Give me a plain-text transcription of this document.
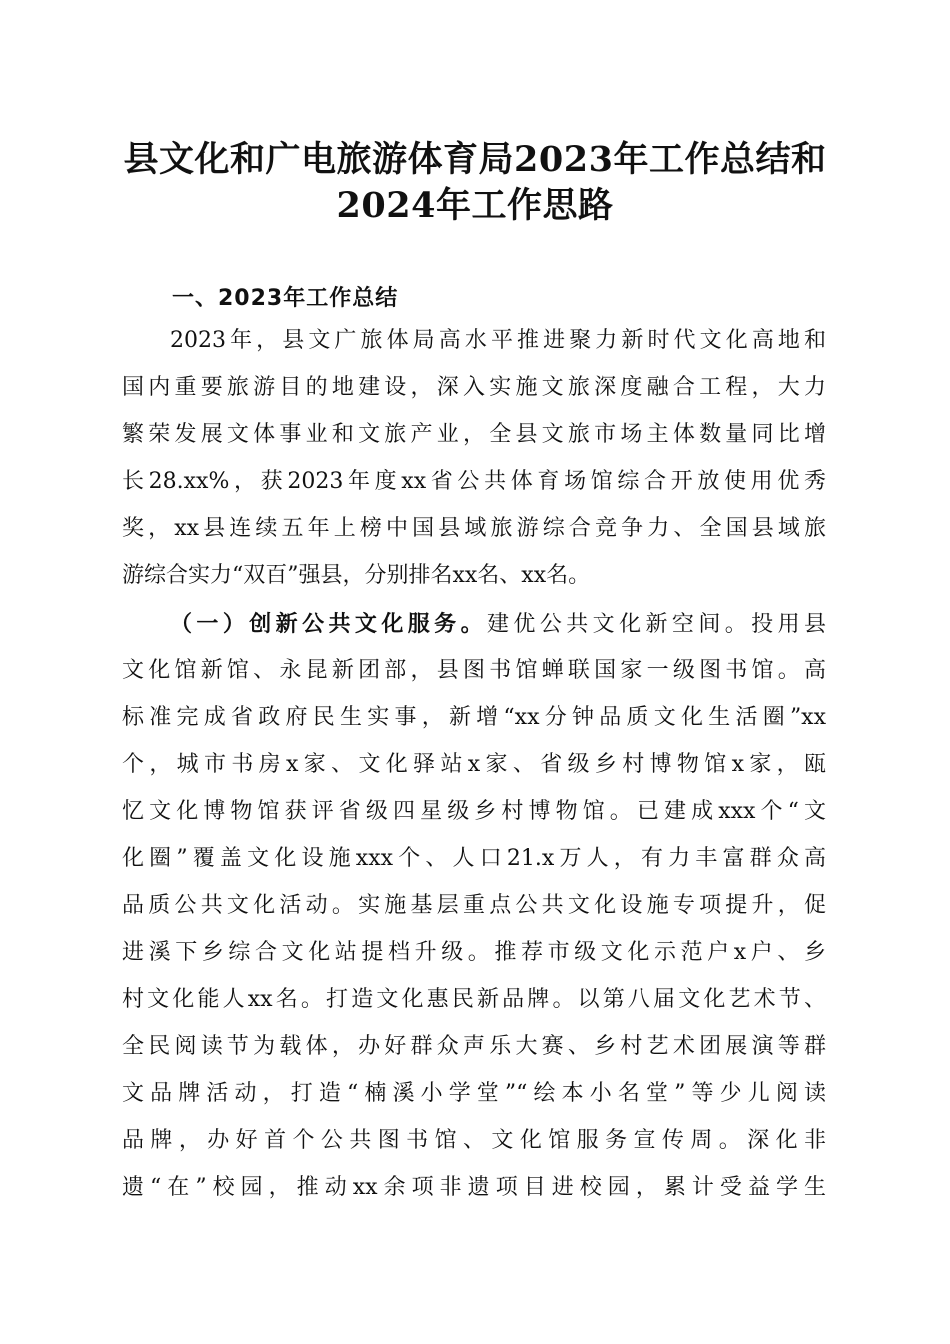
县文化和广电旅游体育局2023年工作总结和
2024年工作思路
一、2023年工作总结

2023年，县文广旅体局高水平推进聚力新时代文化高地和

国内重要旅游目的地建设，深入实施文旅深度融合工程，大力

繁荣发展文体事业和文旅产业，全县文旅市场主体数量同比增

长28.xx%，获2023年度xx省公共体育场馆综合开放使用优秀

奖，xx县连续五年上榜中国县域旅游综合竞争力、全国县域旅

游综合实力“双百”强县，分别排名xx名、xx名。

（一）创新公共文化服务。建优公共文化新空间。投用县

文化馆新馆、永昆新团部，县图书馆蝉联国家一级图书馆。高

标准完成省政府民生实事，新增“xx分钟品质文化生活圈”xx

个，城市书房x家、文化驿站x家、省级乡村博物馆x家，瓯

忆文化博物馆获评省级四星级乡村博物馆。已建成xxx个“文

化圈”覆盖文化设施xxx个、人口21.x万人，有力丰富群众高

品质公共文化活动。实施基层重点公共文化设施专项提升，促

进溪下乡综合文化站提档升级。推荐市级文化示范户x户、乡

村文化能人xx名。打造文化惠民新品牌。以第八届文化艺术节、

全民阅读节为载体，办好群众声乐大赛、乡村艺术团展演等群

文品牌活动，打造“楠溪小学堂”“绘本小名堂”等少儿阅读

品牌，办好首个公共图书馆、文化馆服务宣传周。深化非

遗“在”校园，推动xx余项非遗项目进校园，累计受益学生
